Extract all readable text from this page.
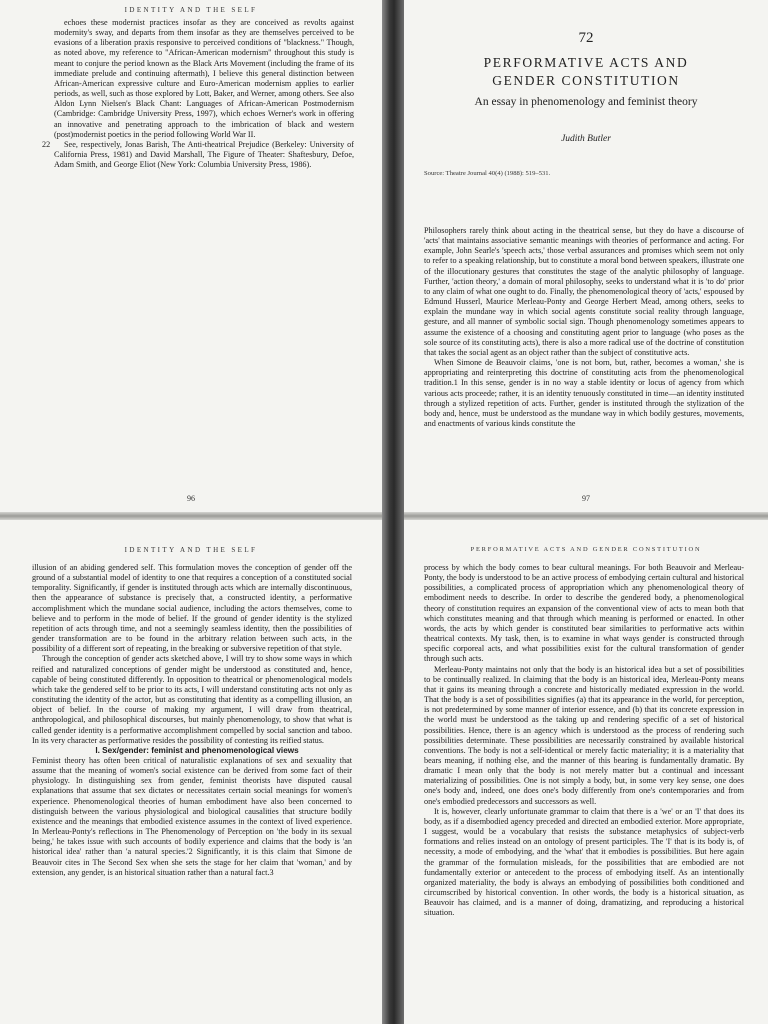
IDENTITY AND THE SELF

echoes these modernist practices insofar as they are conceived as revolts against modernity's sway, and departs from them insofar as they are themselves perceived to be evasions of a liberation praxis responsive to perceived conditions of "blackness." Though, as noted above, my reference to "African-American modernism" throughout this study is meant to conjure the period known as the Black Arts Movement (including the frame of its immediate prelude and continuing aftermath), I believe this general distinction between African-American expressive culture and Euro-American modernism applies to earlier periods, as well, such as those explored by Lott, Baker, and Werner, among others. See also Aldon Lynn Nielsen's Black Chant: Languages of African-American Postmodernism (Cambridge: Cambridge University Press, 1997), which echoes Werner's work in offering an innovative and penetrating approach to the imbrication of black and western (post)modernist poetics in the period following World War II.

22 See, respectively, Jonas Barish, The Anti-theatrical Prejudice (Berkeley: University of California Press, 1981) and David Marshall, The Figure of Theater: Shaftesbury, Defoe, Adam Smith, and George Eliot (New York: Columbia University Press, 1986).

96
72
PERFORMATIVE ACTS AND
GENDER CONSTITUTION
An essay in phenomenology and feminist theory
Judith Butler
Source: Theatre Journal 40(4) (1988): 519–531.

Philosophers rarely think about acting in the theatrical sense, but they do have a discourse of 'acts' that maintains associative semantic meanings with theories of performance and acting. For example, John Searle's 'speech acts,' those verbal assurances and promises which seem not only to refer to a speaking relationship, but to constitute a moral bond between speakers, illustrate one of the illocutionary gestures that constitutes the stage of the analytic philosophy of language. Further, 'action theory,' a domain of moral philosophy, seeks to understand what it is 'to do' prior to any claim of what one ought to do. Finally, the phenomenological theory of 'acts,' espoused by Edmund Husserl, Maurice Merleau-Ponty and George Herbert Mead, among others, seeks to explain the mundane way in which social agents constitute social reality through language, gesture, and all manner of symbolic social sign. Though phenomenology sometimes appears to assume the existence of a choosing and constituting agent prior to language (who poses as the sole source of its constituting acts), there is also a more radical use of the doctrine of constitution that takes the social agent as an object rather than the subject of constitutive acts.

When Simone de Beauvoir claims, 'one is not born, but, rather, becomes a woman,' she is appropriating and reinterpreting this doctrine of constituting acts from the phenomenological tradition.1 In this sense, gender is in no way a stable identity or locus of agency from which various acts proceede; rather, it is an identity tenuously constituted in time—an identity instituted through a stylized repetition of acts. Further, gender is instituted through the stylization of the body and, hence, must be understood as the mundane way in which bodily gestures, movements, and enactments of various kinds constitute the

97
IDENTITY AND THE SELF

illusion of an abiding gendered self. This formulation moves the conception of gender off the ground of a substantial model of identity to one that requires a conception of a constituted social temporality. Significantly, if gender is instituted through acts which are internally discontinuous, then the appearance of substance is precisely that, a constructed identity, a performative accomplishment which the mundane social audience, including the actors themselves, come to believe and to perform in the mode of belief. If the ground of gender identity is the stylized repetition of acts through time, and not a seemingly seamless identity, then the possibilities of gender transformation are to be found in the arbitrary relation between such acts, in the possibility of a different sort of repeating, in the breaking or subversive repetition of that style.

Through the conception of gender acts sketched above, I will try to show some ways in which reified and naturalized conceptions of gender might be understood as constituted and, hence, capable of being constituted differently. In opposition to theatrical or phenomenological models which take the gendered self to be prior to its acts, I will understand constituting acts not only as constituting the identity of the actor, but as constituting that identity as a compelling illusion, an object of belief. In the course of making my argument, I will draw from theatrical, anthropological, and philosophical discourses, but mainly phenomenology, to show that what is called gender identity is a performative accomplishment compelled by social sanction and taboo. In its very character as performative resides the possibility of contesting its reified status.

I. Sex/gender: feminist and phenomenological views

Feminist theory has often been critical of naturalistic explanations of sex and sexuality that assume that the meaning of women's social existence can be derived from some fact of their physiology. In distinguishing sex from gender, feminist theorists have disputed causal explanations that assume that sex dictates or necessitates certain social meanings for women's experience. Phenomenological theories of human embodiment have also been concerned to distinguish between the various physiological and biological causalities that structure bodily existence and the meanings that embodied existence assumes in the context of lived experience. In Merleau-Ponty's reflections in The Phenomenology of Perception on 'the body in its sexual being,' he takes issue with such accounts of bodily experience and claims that the body is 'an historical idea' rather than 'a natural species.'2 Significantly, it is this claim that Simone de Beauvoir cites in The Second Sex when she sets the stage for her claim that 'woman,' and by extension, any gender, is an historical situation rather than a natural fact.3

PERFORMATIVE ACTS AND GENDER CONSTITUTION

process by which the body comes to bear cultural meanings. For both Beauvoir and Merleau-Ponty, the body is understood to be an active process of embodying certain cultural and historical possibilities, a complicated process of appropriation which any phenomenological theory of embodiment needs to describe. In order to describe the gendered body, a phenomenological theory of constitution requires an expansion of the conventional view of acts to mean both that which constitutes meaning and that through which meaning is performed or enacted. In other words, the acts by which gender is constituted bear similarities to performative acts within theatrical contexts. My task, then, is to examine in what ways gender is constructed through specific corporeal acts, and what possibilities exist for the cultural transformation of gender through such acts.

Merleau-Ponty maintains not only that the body is an historical idea but a set of possibilities to be continually realized. In claiming that the body is an historical idea, Merleau-Ponty means that it gains its meaning through a concrete and historically mediated expression in the world. That the body is a set of possibilities signifies (a) that its appearance in the world, for perception, is not predetermined by some manner of interior essence, and (b) that its concrete expression in the world must be understood as the taking up and rendering specific of a set of historical possibilities. Hence, there is an agency which is understood as the process of rendering such possibilities determinate. These possibilities are necessarily constrained by available historical conventions. The body is not a self-identical or merely factic materiality; it is a materiality that bears meaning, if nothing else, and the manner of this bearing is fundamentally dramatic. By dramatic I mean only that the body is not merely matter but a continual and incessant materializing of possibilities. One is not simply a body, but, in some very key sense, one does one's body and, indeed, one does one's body differently from one's contemporaries and from one's embodied predecessors and successors as well.

It is, however, clearly unfortunate grammar to claim that there is a 'we' or an 'I' that does its body, as if a disembodied agency preceded and directed an embodied exterior. More appropriate, I suggest, would be a vocabulary that resists the substance metaphysics of subject-verb formations and relies instead on an ontology of present participles. The 'I' that is its body is, of necessity, a mode of embodying, and the 'what' that it embodies is possibilities. But here again the grammar of the formulation misleads, for the possibilities that are embodied are not fundamentally exterior or antecedent to the process of embodying itself. As an intentionally organized materiality, the body is always an embodying of possibilities both conditioned and circumscribed by historical convention. In other words, the body is a historical situation, as Beauvoir has claimed, and is a manner of doing, dramatizing, and reproducing a historical situation.
